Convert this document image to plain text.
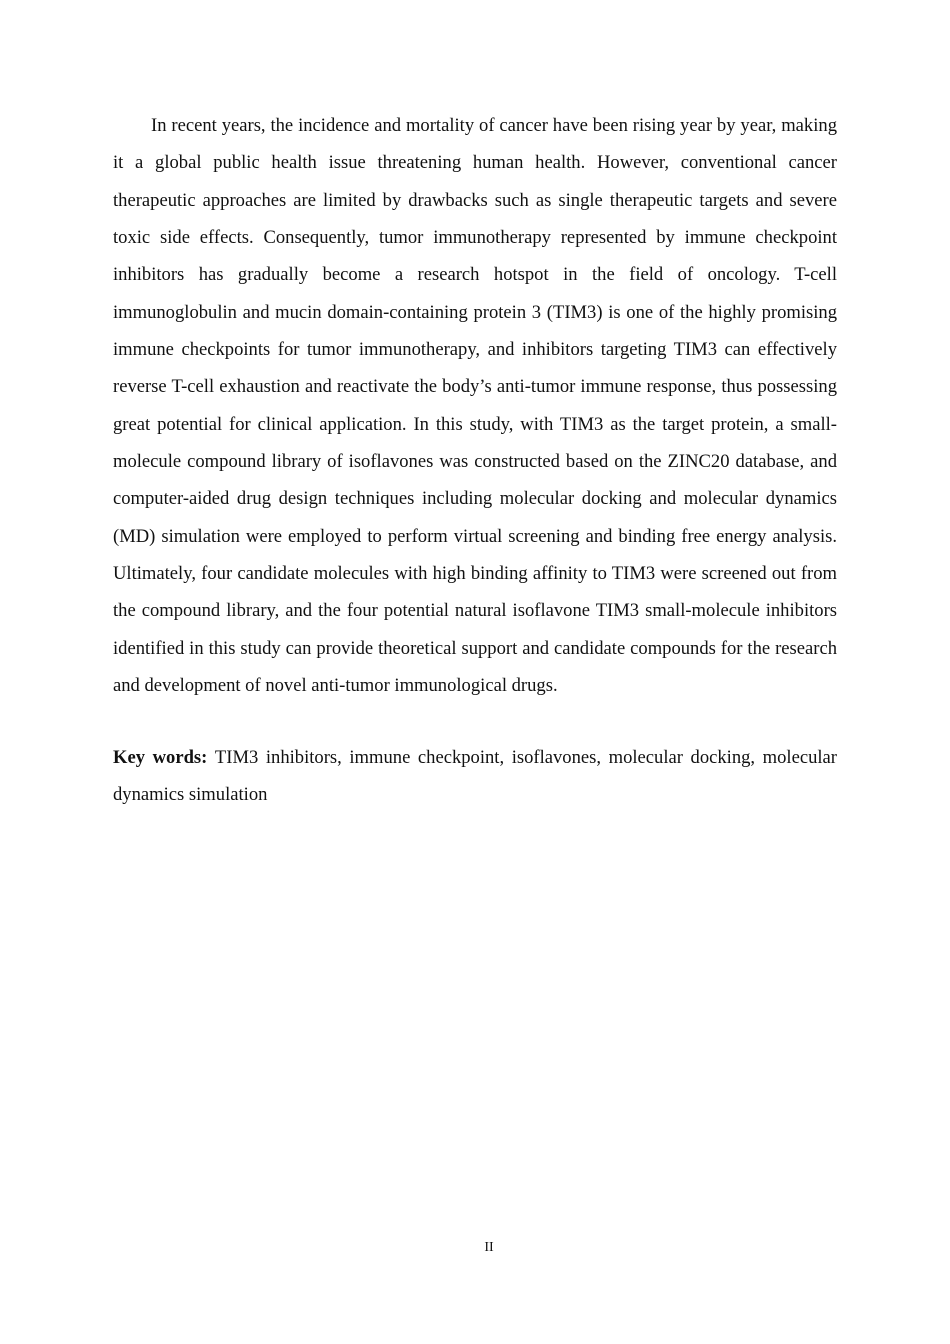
In recent years, the incidence and mortality of cancer have been rising year by year, making it a global public health issue threatening human health. However, conventional cancer therapeutic approaches are limited by drawbacks such as single therapeutic targets and severe toxic side effects. Consequently, tumor immunotherapy represented by immune checkpoint inhibitors has gradually become a research hotspot in the field of oncology. T-cell immunoglobulin and mucin domain-containing protein 3 (TIM3) is one of the highly promising immune checkpoints for tumor immunotherapy, and inhibitors targeting TIM3 can effectively reverse T-cell exhaustion and reactivate the body’s anti-tumor immune response, thus possessing great potential for clinical application. In this study, with TIM3 as the target protein, a small-molecule compound library of isoflavones was constructed based on the ZINC20 database, and computer-aided drug design techniques including molecular docking and molecular dynamics (MD) simulation were employed to perform virtual screening and binding free energy analysis. Ultimately, four candidate molecules with high binding affinity to TIM3 were screened out from the compound library, and the four potential natural isoflavone TIM3 small-molecule inhibitors identified in this study can provide theoretical support and candidate compounds for the research and development of novel anti-tumor immunological drugs.

Key words: TIM3 inhibitors, immune checkpoint, isoflavones, molecular docking, molecular dynamics simulation

II
